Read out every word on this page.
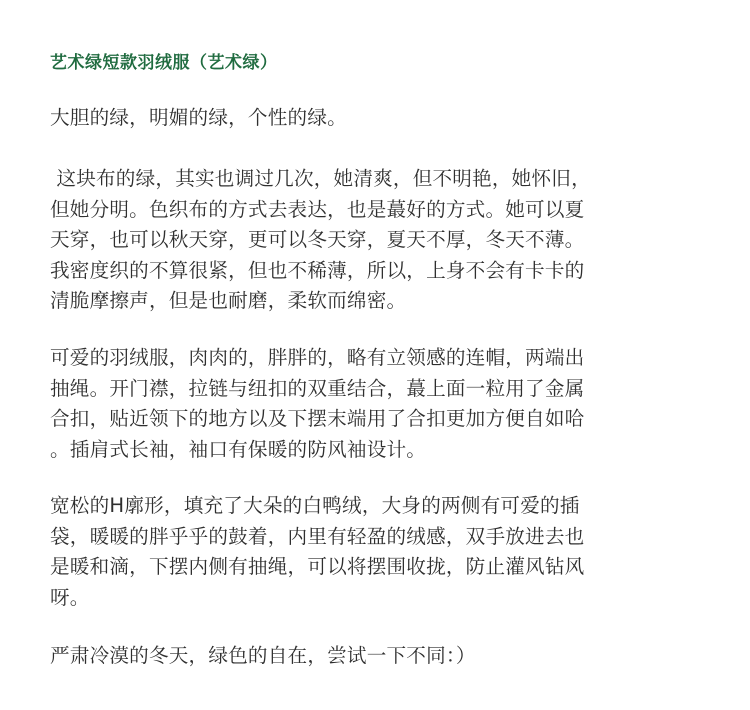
艺术绿短款羽绒服（艺术绿）

大胆的绿，明媚的绿，个性的绿。

这块布的绿，其实也调过几次，她清爽，但不明艳，她怀旧，
但她分明。色织布的方式去表达，也是蕞好的方式。她可以夏
天穿，也可以秋天穿，更可以冬天穿，夏天不厚，冬天不薄。
我密度织的不算很紧，但也不稀薄，所以，上身不会有卡卡的
清脆摩擦声，但是也耐磨，柔软而绵密。

可爱的羽绒服，肉肉的，胖胖的，略有立领感的连帽，两端出
抽绳。开门襟，拉链与纽扣的双重结合，蕞上面一粒用了金属
合扣，贴近领下的地方以及下摆末端用了合扣更加方便自如哈
。插肩式长袖，袖口有保暖的防风袖设计。

宽松的H廓形，填充了大朵的白鸭绒，大身的两侧有可爱的插
袋，暖暖的胖乎乎的鼓着，内里有轻盈的绒感，双手放进去也
是暖和滴，下摆内侧有抽绳，可以将摆围收拢，防止灌风钻风
呀。

严肃冷漠的冬天，绿色的自在，尝试一下不同：）
